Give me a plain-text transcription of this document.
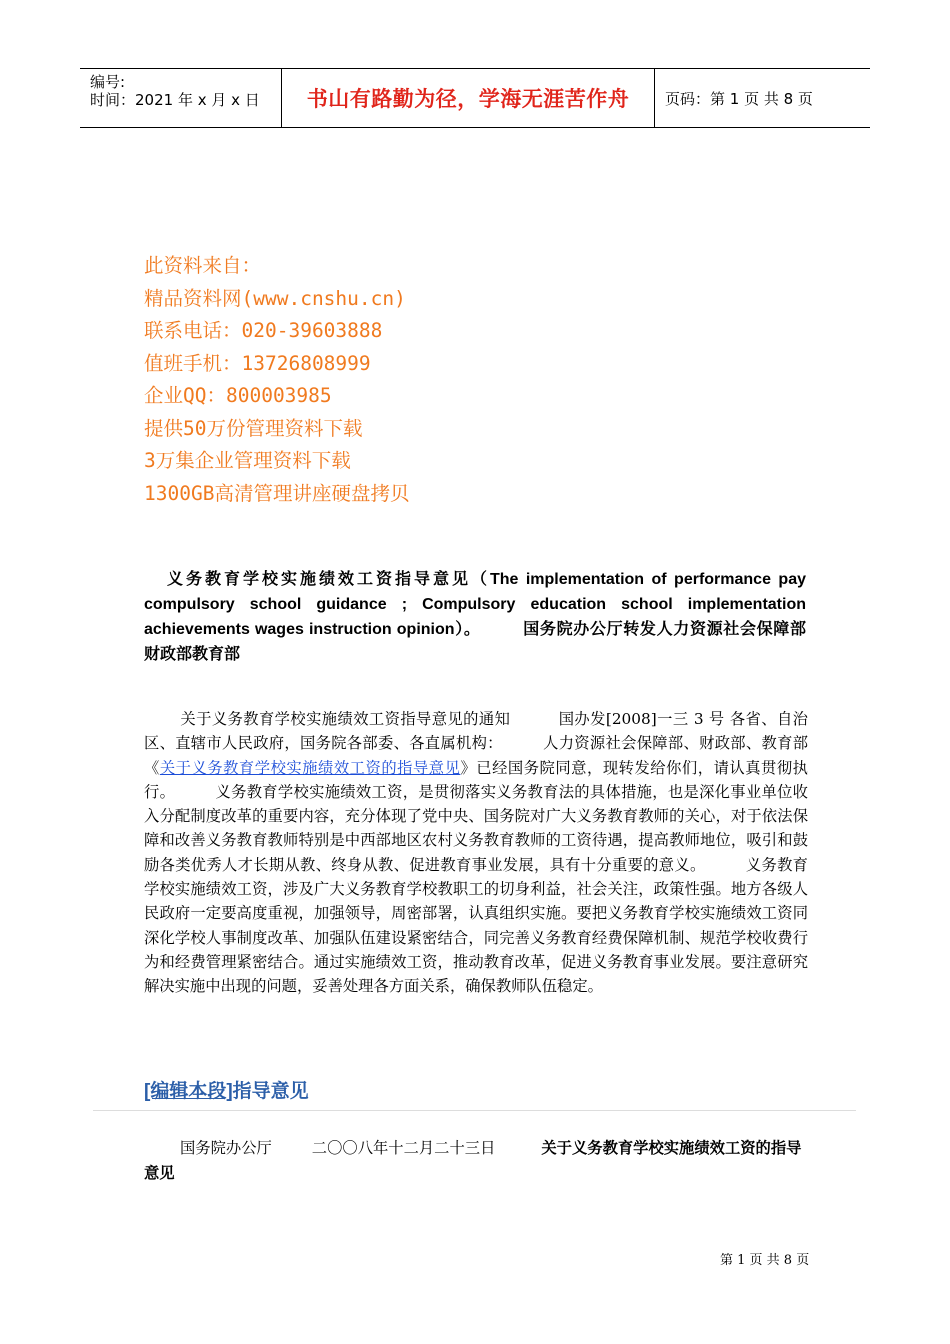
编号:
时间：2021 年 x 月 x 日 书山有路勤为径，学海无涯苦作舟 页码：第 1 页 共 8 页
此资料来自：
精品资料网(www.cnshu.cn)
联系电话：020-39603888
值班手机：13726808999
企业QQ：800003985
提供50万份管理资料下载
3万集企业管理资料下载
1300GB高清管理讲座硬盘拷贝
义务教育学校实施绩效工资指导意见（The implementation of performance pay compulsory school guidance ; Compulsory education school implementation achievements wages instruction opinion）。	国务院办公厅转发人力资源社会保障部财政部教育部
关于义务教育学校实施绩效工资指导意见的通知	国办发[2008]一三 3 号 各省、自治区、直辖市人民政府，国务院各部委、各直属机构：	人力资源社会保障部、财政部、教育部《关于义务教育学校实施绩效工资的指导意见》已经国务院同意，现转发给你们，请认真贯彻执行。	义务教育学校实施绩效工资，是贯彻落实义务教育法的具体措施，也是深化事业单位收入分配制度改革的重要内容，充分体现了党中央、国务院对广大义务教育教师的关心，对于依法保障和改善义务教育教师特别是中西部地区农村义务教育教师的工资待遇，提高教师地位，吸引和鼓励各类优秀人才长期从教、终身从教、促进教育事业发展，具有十分重要的意义。	义务教育学校实施绩效工资，涉及广大义务教育学校教职工的切身利益，社会关注，政策性强。地方各级人民政府一定要高度重视，加强领导，周密部署，认真组织实施。要把义务教育学校实施绩效工资同深化学校人事制度改革、加强队伍建设紧密结合，同完善义务教育经费保障机制、规范学校收费行为和经费管理紧密结合。通过实施绩效工资，推动教育改革，促进义务教育事业发展。要注意研究解决实施中出现的问题，妥善处理各方面关系，确保教师队伍稳定。
[编辑本段]指导意见
国务院办公厅	二〇〇八年十二月二十三日	关于义务教育学校实施绩效工资的指导意见
第 1 页 共 8 页
